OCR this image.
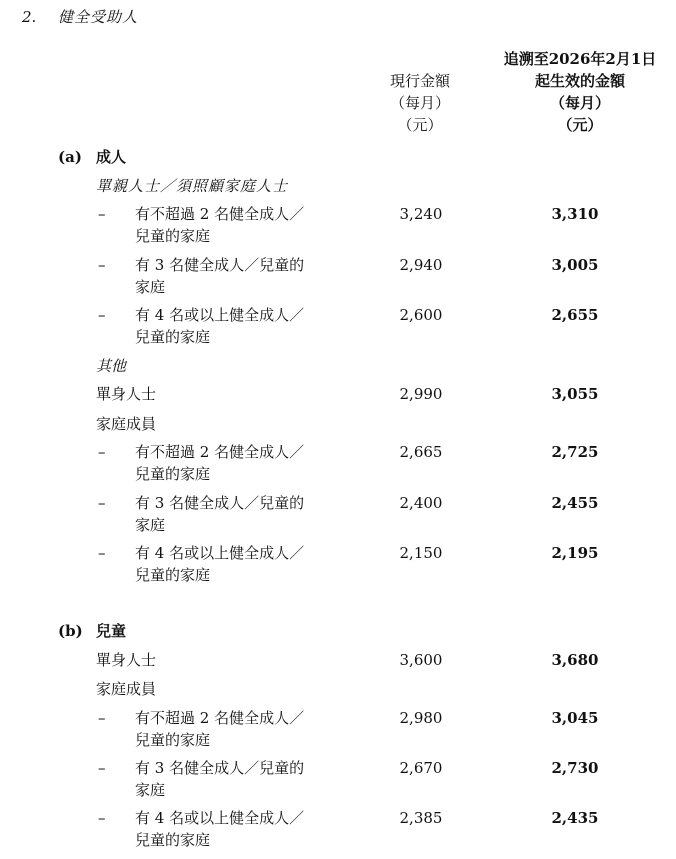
2. 健全受助人
現行金額
（每月）
（元）
追溯至2026年2月1日
起生效的金額
（每月）
（元）
(a) 成人
單親人士／須照顧家庭人士
–	有不超過 2 名健全成人／
兒童的家庭
3,240	3,310
–	有 3 名健全成人／兒童的
家庭
2,940	3,005
–	有 4 名或以上健全成人／
兒童的家庭
2,600	2,655
其他
單身人士	2,990	3,055
家庭成員
–	有不超過 2 名健全成人／
兒童的家庭
2,665	2,725
–	有 3 名健全成人／兒童的
家庭
2,400	2,455
–	有 4 名或以上健全成人／
兒童的家庭
2,150	2,195
(b) 兒童
單身人士	3,600	3,680
家庭成員
–	有不超過 2 名健全成人／
兒童的家庭
2,980	3,045
–	有 3 名健全成人／兒童的
家庭
2,670	2,730
–	有 4 名或以上健全成人／
兒童的家庭
2,385	2,435
